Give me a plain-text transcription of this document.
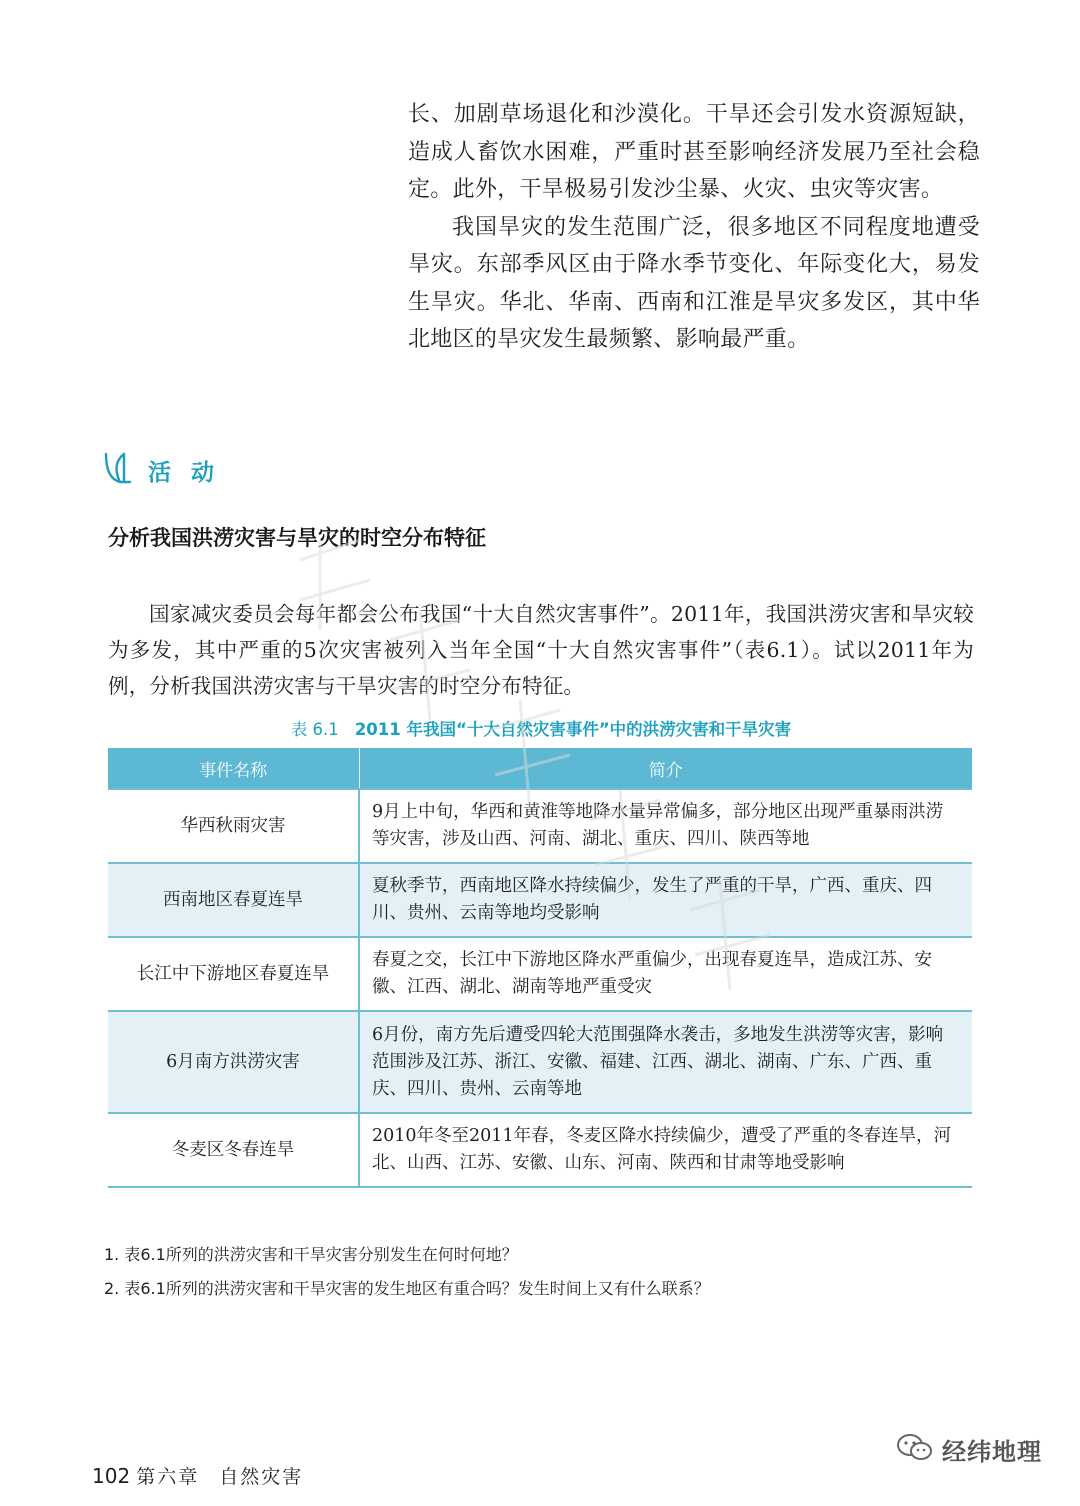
长、加剧草场退化和沙漠化。干旱还会引发水资源短缺，造成人畜饮水困难，严重时甚至影响经济发展乃至社会稳定。此外，干旱极易引发沙尘暴、火灾、虫灾等灾害。

我国旱灾的发生范围广泛，很多地区不同程度地遭受旱灾。东部季风区由于降水季节变化、年际变化大，易发生旱灾。华北、华南、西南和江淮是旱灾多发区，其中华北地区的旱灾发生最频繁、影响最严重。

活 动
分析我国洪涝灾害与旱灾的时空分布特征

国家减灾委员会每年都会公布我国“十大自然灾害事件”。2011年，我国洪涝灾害和旱灾较为多发，其中严重的5次灾害被列入当年全国“十大自然灾害事件”（表6.1）。试以2011年为例，分析我国洪涝灾害与干旱灾害的时空分布特征。

表 6.1 2011 年我国“十大自然灾害事件”中的洪涝灾害和干旱灾害
事件名称	简介
华西秋雨灾害	9月上中旬，华西和黄淮等地降水量异常偏多，部分地区出现严重暴雨洪涝等灾害，涉及山西、河南、湖北、重庆、四川、陕西等地
西南地区春夏连旱	夏秋季节，西南地区降水持续偏少，发生了严重的干旱，广西、重庆、四川、贵州、云南等地均受影响
长江中下游地区春夏连旱	春夏之交，长江中下游地区降水严重偏少，出现春夏连旱，造成江苏、安徽、江西、湖北、湖南等地严重受灾
6月南方洪涝灾害	6月份，南方先后遭受四轮大范围强降水袭击，多地发生洪涝等灾害，影响范围涉及江苏、浙江、安徽、福建、江西、湖北、湖南、广东、广西、重庆、四川、贵州、云南等地
冬麦区冬春连旱	2010年冬至2011年春，冬麦区降水持续偏少，遭受了严重的冬春连旱，河北、山西、江苏、安徽、山东、河南、陕西和甘肃等地受影响
1. 表6.1所列的洪涝灾害和干旱灾害分别发生在何时何地？
2. 表6.1所列的洪涝灾害和干旱灾害的发生地区有重合吗？发生时间上又有什么联系？
102 第六章 自然灾害
经纬地理
